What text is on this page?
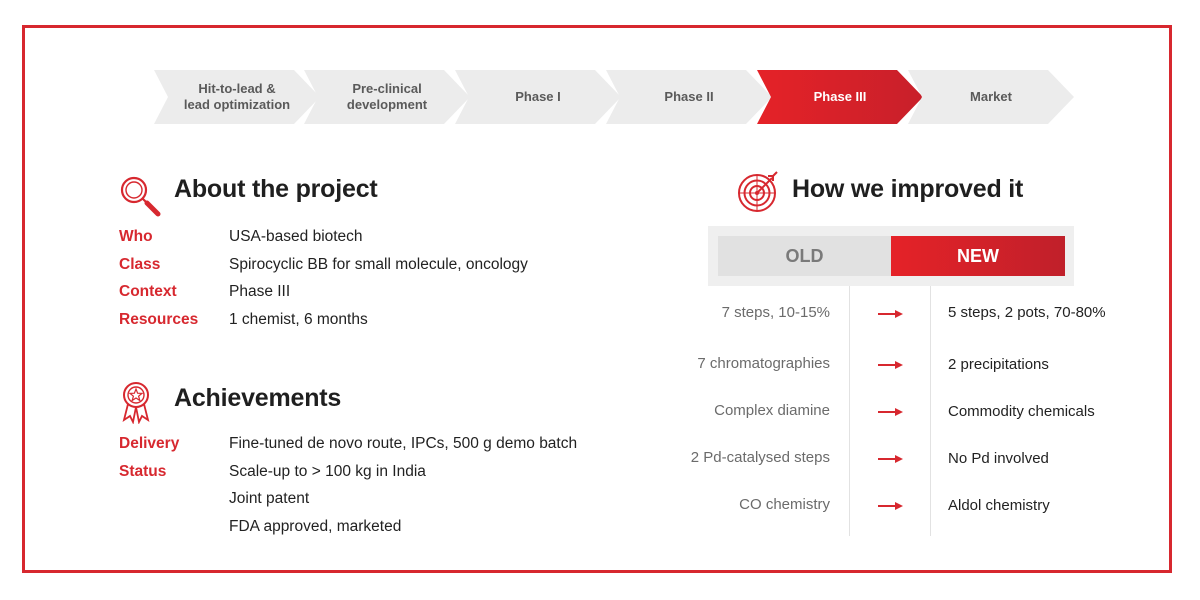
Hit-to-lead &
lead optimization
Pre-clinical
development
Phase I	Phase II	Phase III	Market
About the project
Who	USA-based biotech
Class	Spirocyclic BB for small molecule, oncology
Context	Phase III
Resources 1 chemist, 6 months
Achievements
Delivery	Fine-tuned de novo route, IPCs, 500 g demo batch
Status	Scale-up to > 100 kg in India
Joint patent
FDA approved, marketed
How we improved it
OLD	NEW
7 steps, 10-15%	5 steps, 2 pots, 70-80%
7 chromatographies	2 precipitations
Complex diamine	Commodity chemicals
2 Pd-catalysed steps	No Pd involved
CO chemistry	Aldol chemistry
